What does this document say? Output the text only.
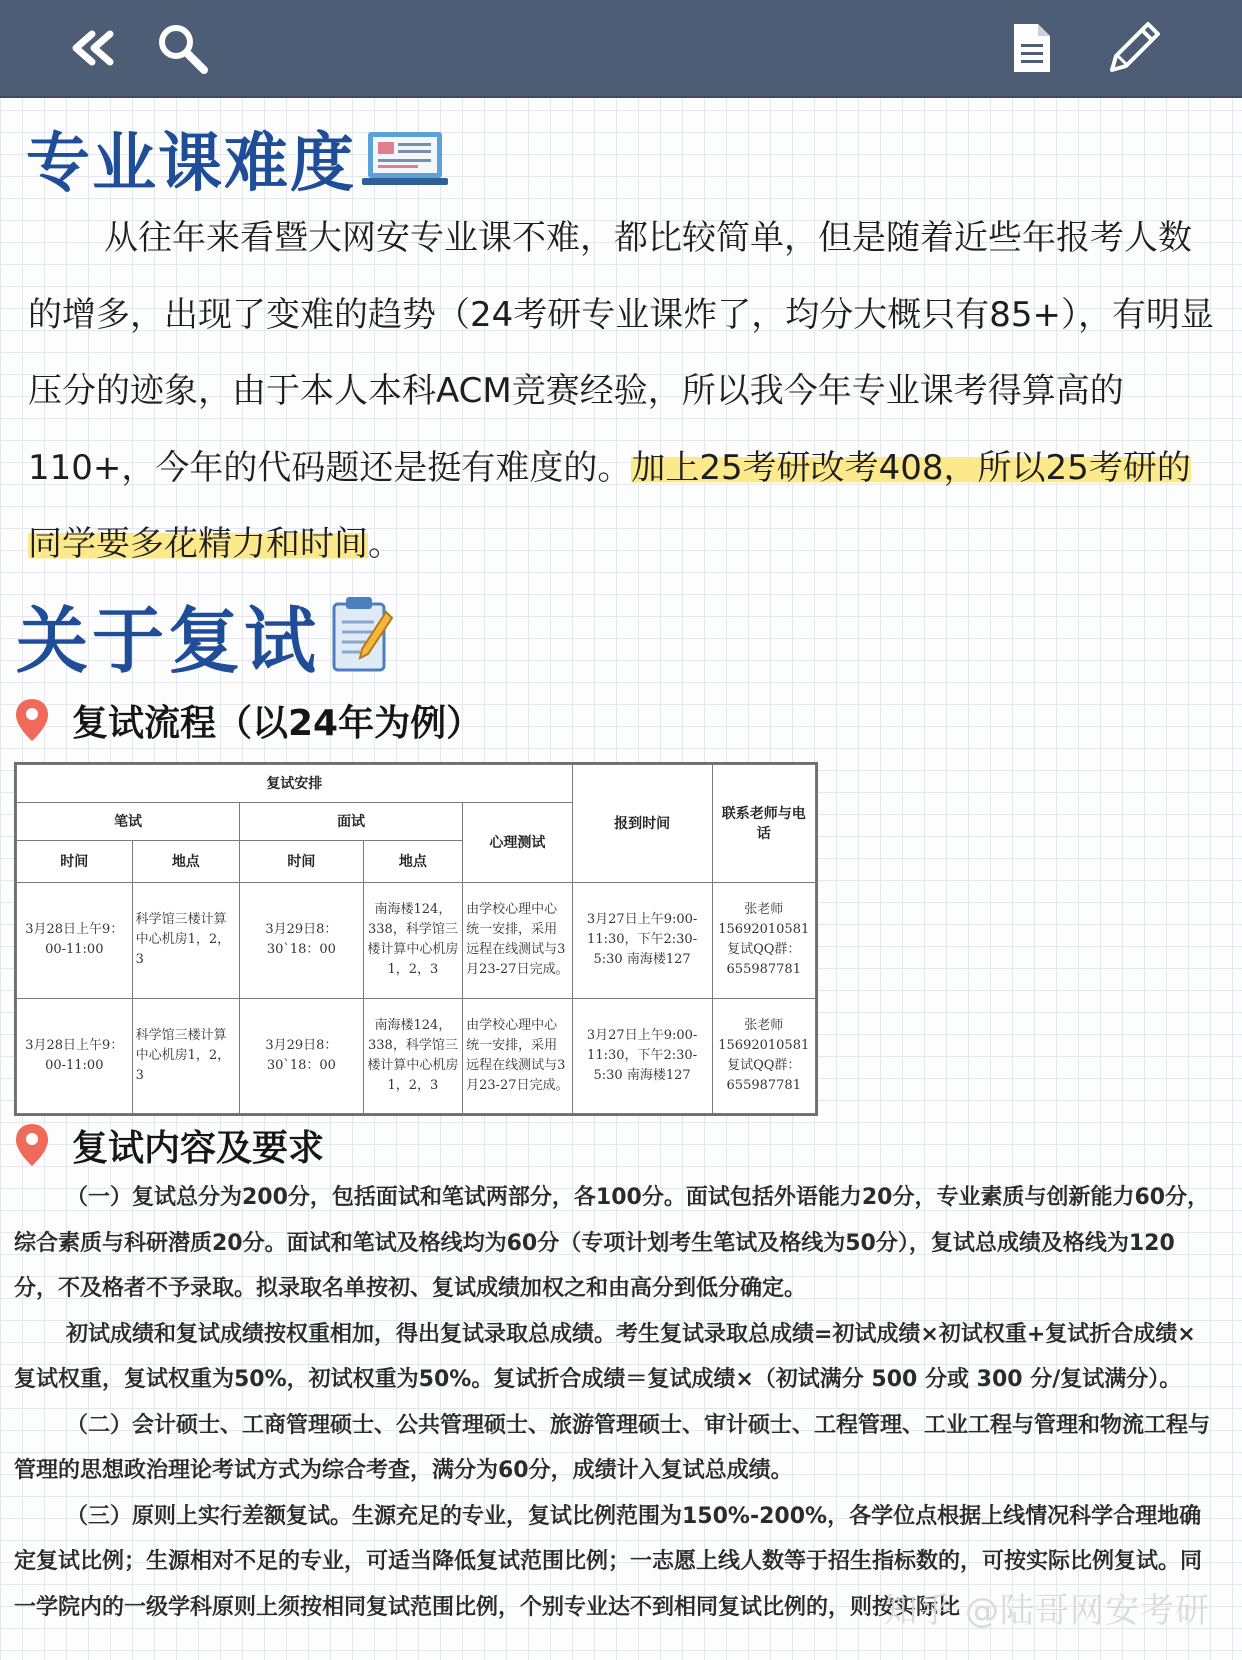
专业课难度

从往年来看暨大网安专业课不难，都比较简单，但是随着近些年报考人数的增多，出现了变难的趋势（24考研专业课炸了，均分大概只有85+），有明显压分的迹象，由于本人本科ACM竞赛经验，所以我今年专业课考得算高的110+，今年的代码题还是挺有难度的。加上25考研改考408，所以25考研的同学要多花精力和时间。

关于复试
复试流程（以24年为例）
复试安排					报到时间	联系老师与电话
笔试		面试		心理测试		
时间	地点	时间	地点			
3月28日上午9：00-11:00	科学馆三楼计算中心机房1，2，3	3月29日8：30ˋ18：00	南海楼124，338，科学馆三楼计算中心机房1，2，3	由学校心理中心统一安排，采用远程在线测试与3月23-27日完成。	3月27日上午9:00-11:30，下午2:30-5:30 南海楼127	张老师15692010581复试QQ群：655987781
3月28日上午9：00-11:00	科学馆三楼计算中心机房1，2，3	3月29日8：30ˋ18：00	南海楼124，338，科学馆三楼计算中心机房1，2，3	由学校心理中心统一安排，采用远程在线测试与3月23-27日完成。	3月27日上午9:00-11:30，下午2:30-5:30 南海楼127	张老师15692010581复试QQ群：655987781
复试内容及要求

（一）复试总分为200分，包括面试和笔试两部分，各100分。面试包括外语能力20分，专业素质与创新能力60分，综合素质与科研潜质20分。面试和笔试及格线均为60分（专项计划考生笔试及格线为50分），复试总成绩及格线为120分，不及格者不予录取。拟录取名单按初、复试成绩加权之和由高分到低分确定。

初试成绩和复试成绩按权重相加，得出复试录取总成绩。考生复试录取总成绩=初试成绩×初试权重+复试折合成绩×复试权重，复试权重为50%，初试权重为50%。复试折合成绩＝复试成绩×（初试满分 500 分或 300 分/复试满分）。

（二）会计硕士、工商管理硕士、公共管理硕士、旅游管理硕士、审计硕士、工程管理、工业工程与管理和物流工程与管理的思想政治理论考试方式为综合考查，满分为60分，成绩计入复试总成绩。

（三）原则上实行差额复试。生源充足的专业，复试比例范围为150%-200%，各学位点根据上线情况科学合理地确定复试比例；生源相对不足的专业，可适当降低复试范围比例；一志愿上线人数等于招生指标数的，可按实际比例复试。同一学院内的一级学科原则上须按相同复试范围比例，个别专业达不到相同复试比例的，则按实际比

知乎 @陆哥网安考研
